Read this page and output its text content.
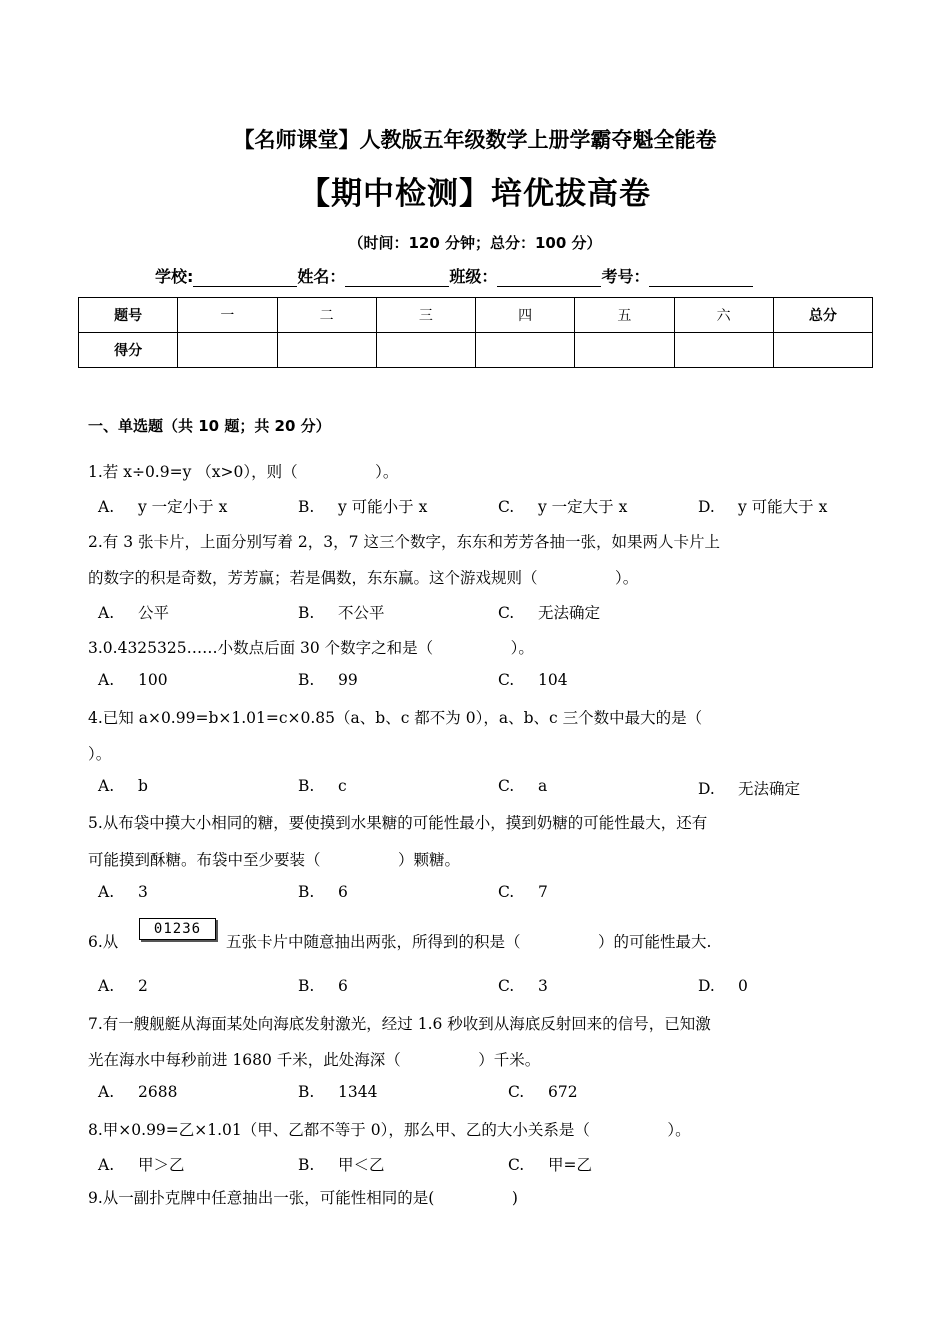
【名师课堂】人教版五年级数学上册学霸夺魁全能卷
【期中检测】培优拔高卷
（时间：120 分钟；总分：100 分）
学校:	姓名：	班级：	考号：
题号	一	二	三	四	五	六	总分
得分							
一、单选题（共 10 题；共 20 分）
1.若 x÷0.9=y （x>0），则（　　　　　）。
A. y 一定小于 x	B. y 可能小于 x	C. y 一定大于 x	D. y 可能大于 x
2.有 3 张卡片，上面分别写着 2，3，7 这三个数字，东东和芳芳各抽一张，如果两人卡片上
的数字的积是奇数，芳芳赢；若是偶数，东东赢。这个游戏规则（　　　　　）。
A. 公平	B. 不公平	C. 无法确定
3.0.4325325……小数点后面 30 个数字之和是（　　　　　）。
A. 100	B. 99	C. 104
4.已知 a×0.99=b×1.01=c×0.85（a、b、c 都不为 0），a、b、c 三个数中最大的是（
）。
A. b	B. c	C. a	D. 无法确定
5.从布袋中摸大小相同的糖，要使摸到水果糖的可能性最小，摸到奶糖的可能性最大，还有
可能摸到酥糖。布袋中至少要装（　　　　　）颗糖。
A. 3	B. 6	C. 7
6.从
01236
五张卡片中随意抽出两张，所得到的积是（　　　　　）的可能性最大.
A. 2	B. 6	C. 3	D. 0
7.有一艘舰艇从海面某处向海底发射激光，经过 1.6 秒收到从海底反射回来的信号，已知激
光在海水中每秒前进 1680 千米，此处海深（　　　　　）千米。
A. 2688	B. 1344	C. 672
8.甲×0.99=乙×1.01（甲、乙都不等于 0），那么甲、乙的大小关系是（　　　　　）。
A. 甲＞乙	B. 甲＜乙	C. 甲=乙
9.从一副扑克牌中任意抽出一张，可能性相同的是(　　　　　)
